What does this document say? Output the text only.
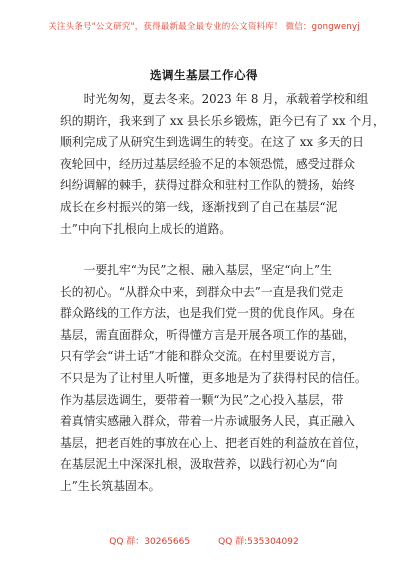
关注头条号"公文研究"，获得最新最全最专业的公文资料库！ 微信：gongwenyj
选调生基层工作心得

　　时光匆匆，夏去冬来。2023 年 8 月，承载着学校和组

织的期许，我来到了 xx 县长乐乡锻炼，距今已有了 xx 个月，

顺利完成了从研究生到选调生的转变。在这了 xx 多天的日

夜轮回中，经历过基层经验不足的本领恐慌，感受过群众

纠纷调解的棘手，获得过群众和驻村工作队的赞扬，始终

成长在乡村振兴的第一线，逐渐找到了自己在基层“泥

土”中向下扎根向上成长的道路。

　　一要扎牢“为民”之根、融入基层，坚定“向上”生

长的初心。“从群众中来，到群众中去”一直是我们党走

群众路线的工作方法，也是我们党一贯的优良作风。身在

基层，需直面群众，听得懂方言是开展各项工作的基础，

只有学会“讲土话”才能和群众交流。在村里要说方言，

不只是为了让村里人听懂，更多地是为了获得村民的信任。

作为基层选调生，要带着一颗“为民”之心投入基层，带

着真情实感融入群众，带着一片赤诚服务人民，真正融入

基层，把老百姓的事放在心上、把老百姓的利益放在首位，

在基层泥土中深深扎根，汲取营养，以践行初心为“向

上”生长筑基固本。

QQ 群：30265665	QQ 群:535304092
